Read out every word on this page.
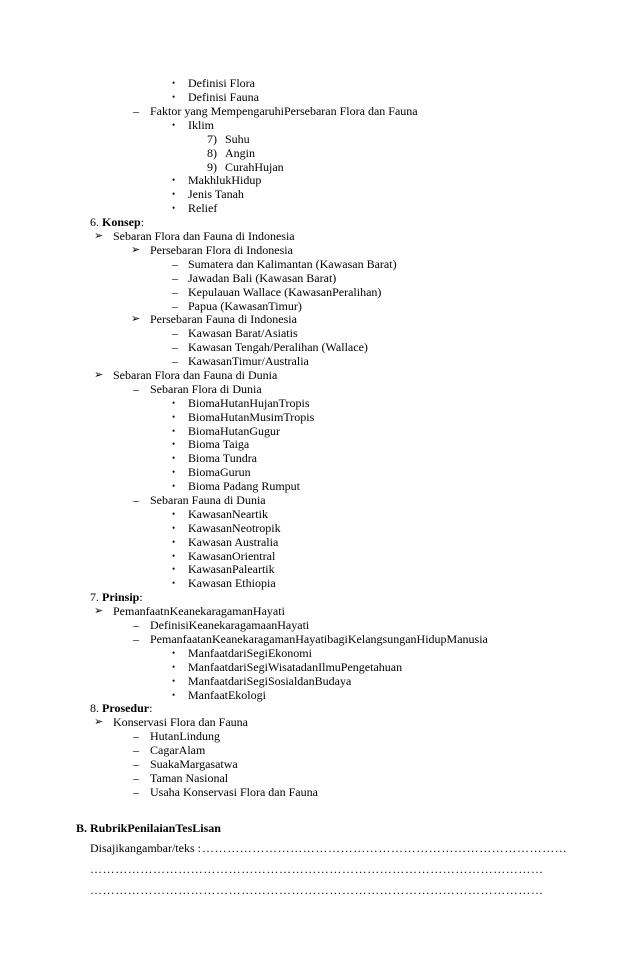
• Definisi Flora
• Definisi Fauna
– Faktor yang MempengaruhiPersebaran Flora dan Fauna
• Iklim
7) Suhu
8) Angin
9) CurahHujan
• MakhlukHidup
• Jenis Tanah
• Relief
6. Konsep:
➢ Sebaran Flora dan Fauna di Indonesia
➢ Persebaran Flora di Indonesia
– Sumatera dan Kalimantan (Kawasan Barat)
– Jawadan Bali (Kawasan Barat)
– Kepulauan Wallace (KawasanPeralihan)
– Papua (KawasanTimur)
➢ Persebaran Fauna di Indonesia
– Kawasan Barat/Asiatis
– Kawasan Tengah/Peralihan (Wallace)
– KawasanTimur/Australia
➢ Sebaran Flora dan Fauna di Dunia
– Sebaran Flora di Dunia
• BiomaHutanHujanTropis
• BiomaHutanMusimTropis
• BiomaHutanGugur
• Bioma Taiga
• Bioma Tundra
• BiomaGurun
• Bioma Padang Rumput
– Sebaran Fauna di Dunia
• KawasanNeartik
• KawasanNeotropik
• Kawasan Australia
• KawasanOrientral
• KawasanPaleartik
• Kawasan Ethiopia
7. Prinsip:
➢ PemanfaatnKeanekaragamanHayati
– DefinisiKeanekaragamaanHayati
– PemanfaatanKeanekaragamanHayatibagiKelangsunganHidupManusia
• ManfaatdariSegiEkonomi
• ManfaatdariSegiWisatadanIlmuPengetahuan
• ManfaatdariSegiSosialdanBudaya
• ManfaatEkologi
8. Prosedur:
➢ Konservasi Flora dan Fauna
– HutanLindung
– CagarAlam
– SuakaMargasatwa
– Taman Nasional
– Usaha Konservasi Flora dan Fauna
B. RubrikPenilaianTesLisan
Disajikangambar/teks : ……………………………………………………………………………
………………………………………………………………………………………………
………………………………………………………………………………………………
